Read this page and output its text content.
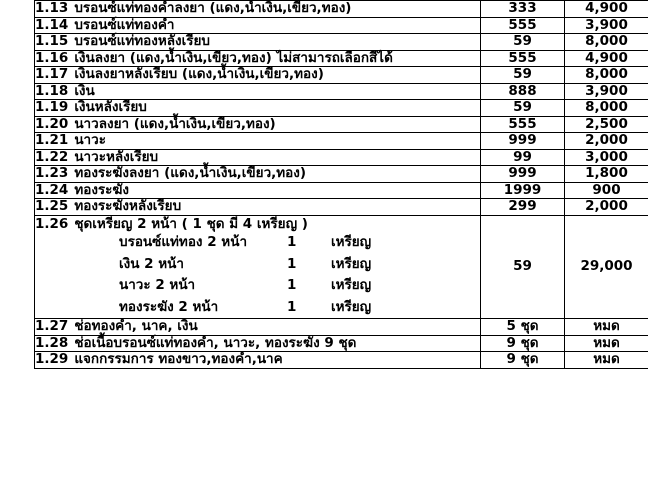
1.13 บรอนซ์แท่ทองคำลงยา (แดง,น้ำเงิน,เขียว,ทอง)	333	4,900
1.14 บรอนซ์แท่ทองคำ	555	3,900
1.15 บรอนซ์แท่ทองหลังเรียบ	59	8,000
1.16 เงินลงยา (แดง,น้ำเงิน,เขียว,ทอง) ไม่สามารถเลือกสีได้	555	4,900
1.17 เงินลงยาหลังเรียบ (แดง,น้ำเงิน,เขียว,ทอง)	59	8,000
1.18 เงิน	888	3,900
1.19 เงินหลังเรียบ	59	8,000
1.20 นาวลงยา (แดง,น้ำเงิน,เขียว,ทอง)	555	2,500
1.21 นาวะ	999	2,000
1.22 นาวะหลังเรียบ	99	3,000
1.23 ทองระฆังลงยา (แดง,น้ำเงิน,เขียว,ทอง)	999	1,800
1.24 ทองระฆัง	1999	900
1.25 ทองระฆังหลังเรียบ	299	2,000

1.26 ชุดเหรียญ 2 หน้า ( 1 ชุด มี 4 เหรียญ )
บรอนซ์แท่ทอง 2 หน้า 1 เหรียญ
เงิน 2 หน้า 1 เหรียญ
นาวะ 2 หน้า 1 เหรียญ
ทองระฆัง 2 หน้า 1 เหรียญ	59	29,000
1.27 ช่อทองคำ, นาค, เงิน	5 ชุด	หมด
1.28 ช่อเนื้อบรอนซ์แท่ทองคำ, นาวะ, ทองระฆัง 9 ชุด	9 ชุด	หมด
1.29 แจกกรรมการ ทองขาว,ทองคำ,นาค	9 ชุด	หมด
